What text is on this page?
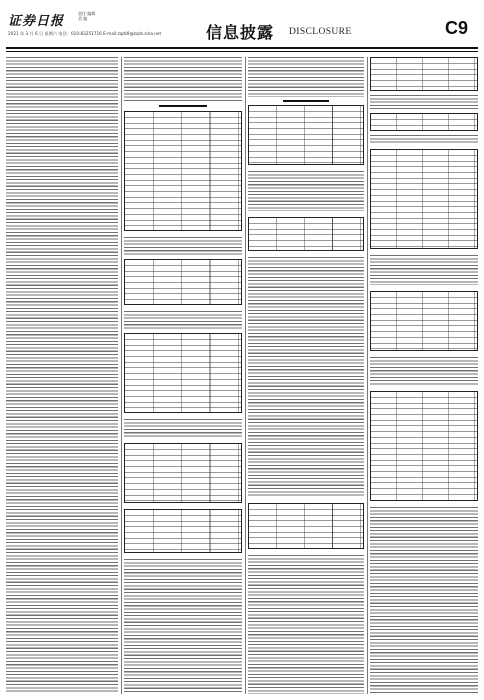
证券日报
责任 编辑
美 编
2021 年 3 月 6 日 星期六 电话：010-83251716 E-mail:zqrb9@zqrb.sina.net	信息披露 DISCLOSURE	C9
